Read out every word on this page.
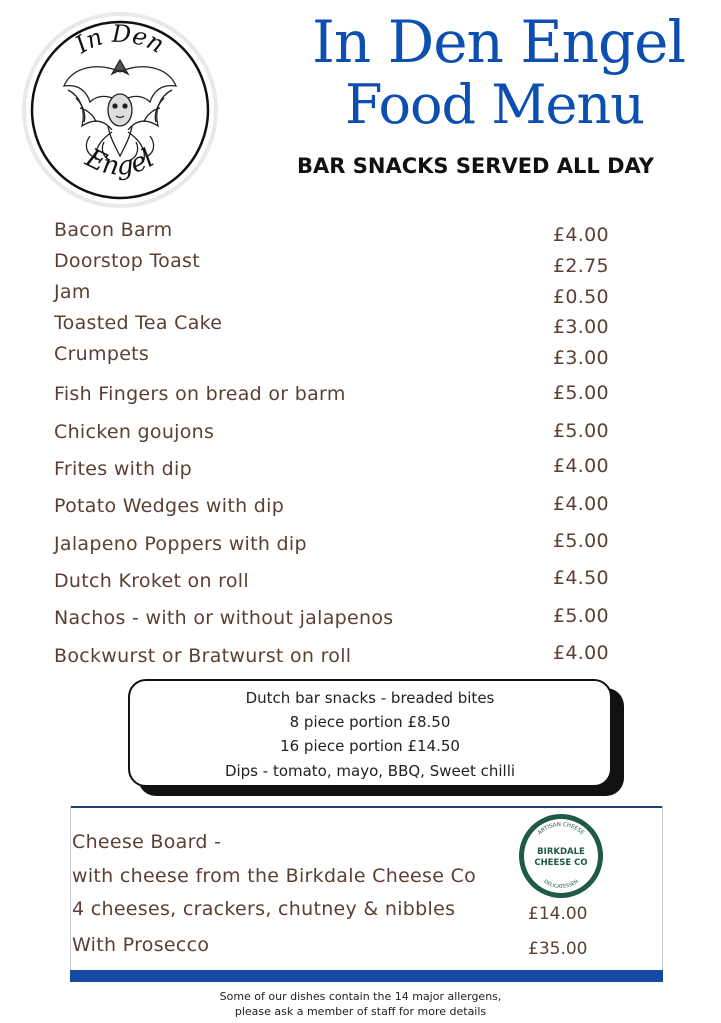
In Den
Engel
In Den Engel
Food Menu
BAR SNACKS SERVED ALL DAY
Bacon Barm	£4.00
Doorstop Toast	£2.75
Jam	£0.50
Toasted Tea Cake	£3.00
Crumpets	£3.00
Fish Fingers on bread or barm	£5.00
Chicken goujons	£5.00
Frites with dip	£4.00
Potato Wedges with dip	£4.00
Jalapeno Poppers with dip	£5.00
Dutch Kroket on roll	£4.50
Nachos - with or without jalapenos	£5.00
Bockwurst or Bratwurst on roll	£4.00
Dutch bar snacks - breaded bites
8 piece portion £8.50
16 piece portion £14.50
Dips - tomato, mayo, BBQ, Sweet chilli
Cheese Board -
with cheese from the Birkdale Cheese Co
4 cheeses, crackers, chutney & nibbles	£14.00
With Prosecco	£35.00
ARTISAN CHEESE
BIRKDALE
CHEESE CO
DELICATESSEN
Some of our dishes contain the 14 major allergens,
please ask a member of staff for more details
